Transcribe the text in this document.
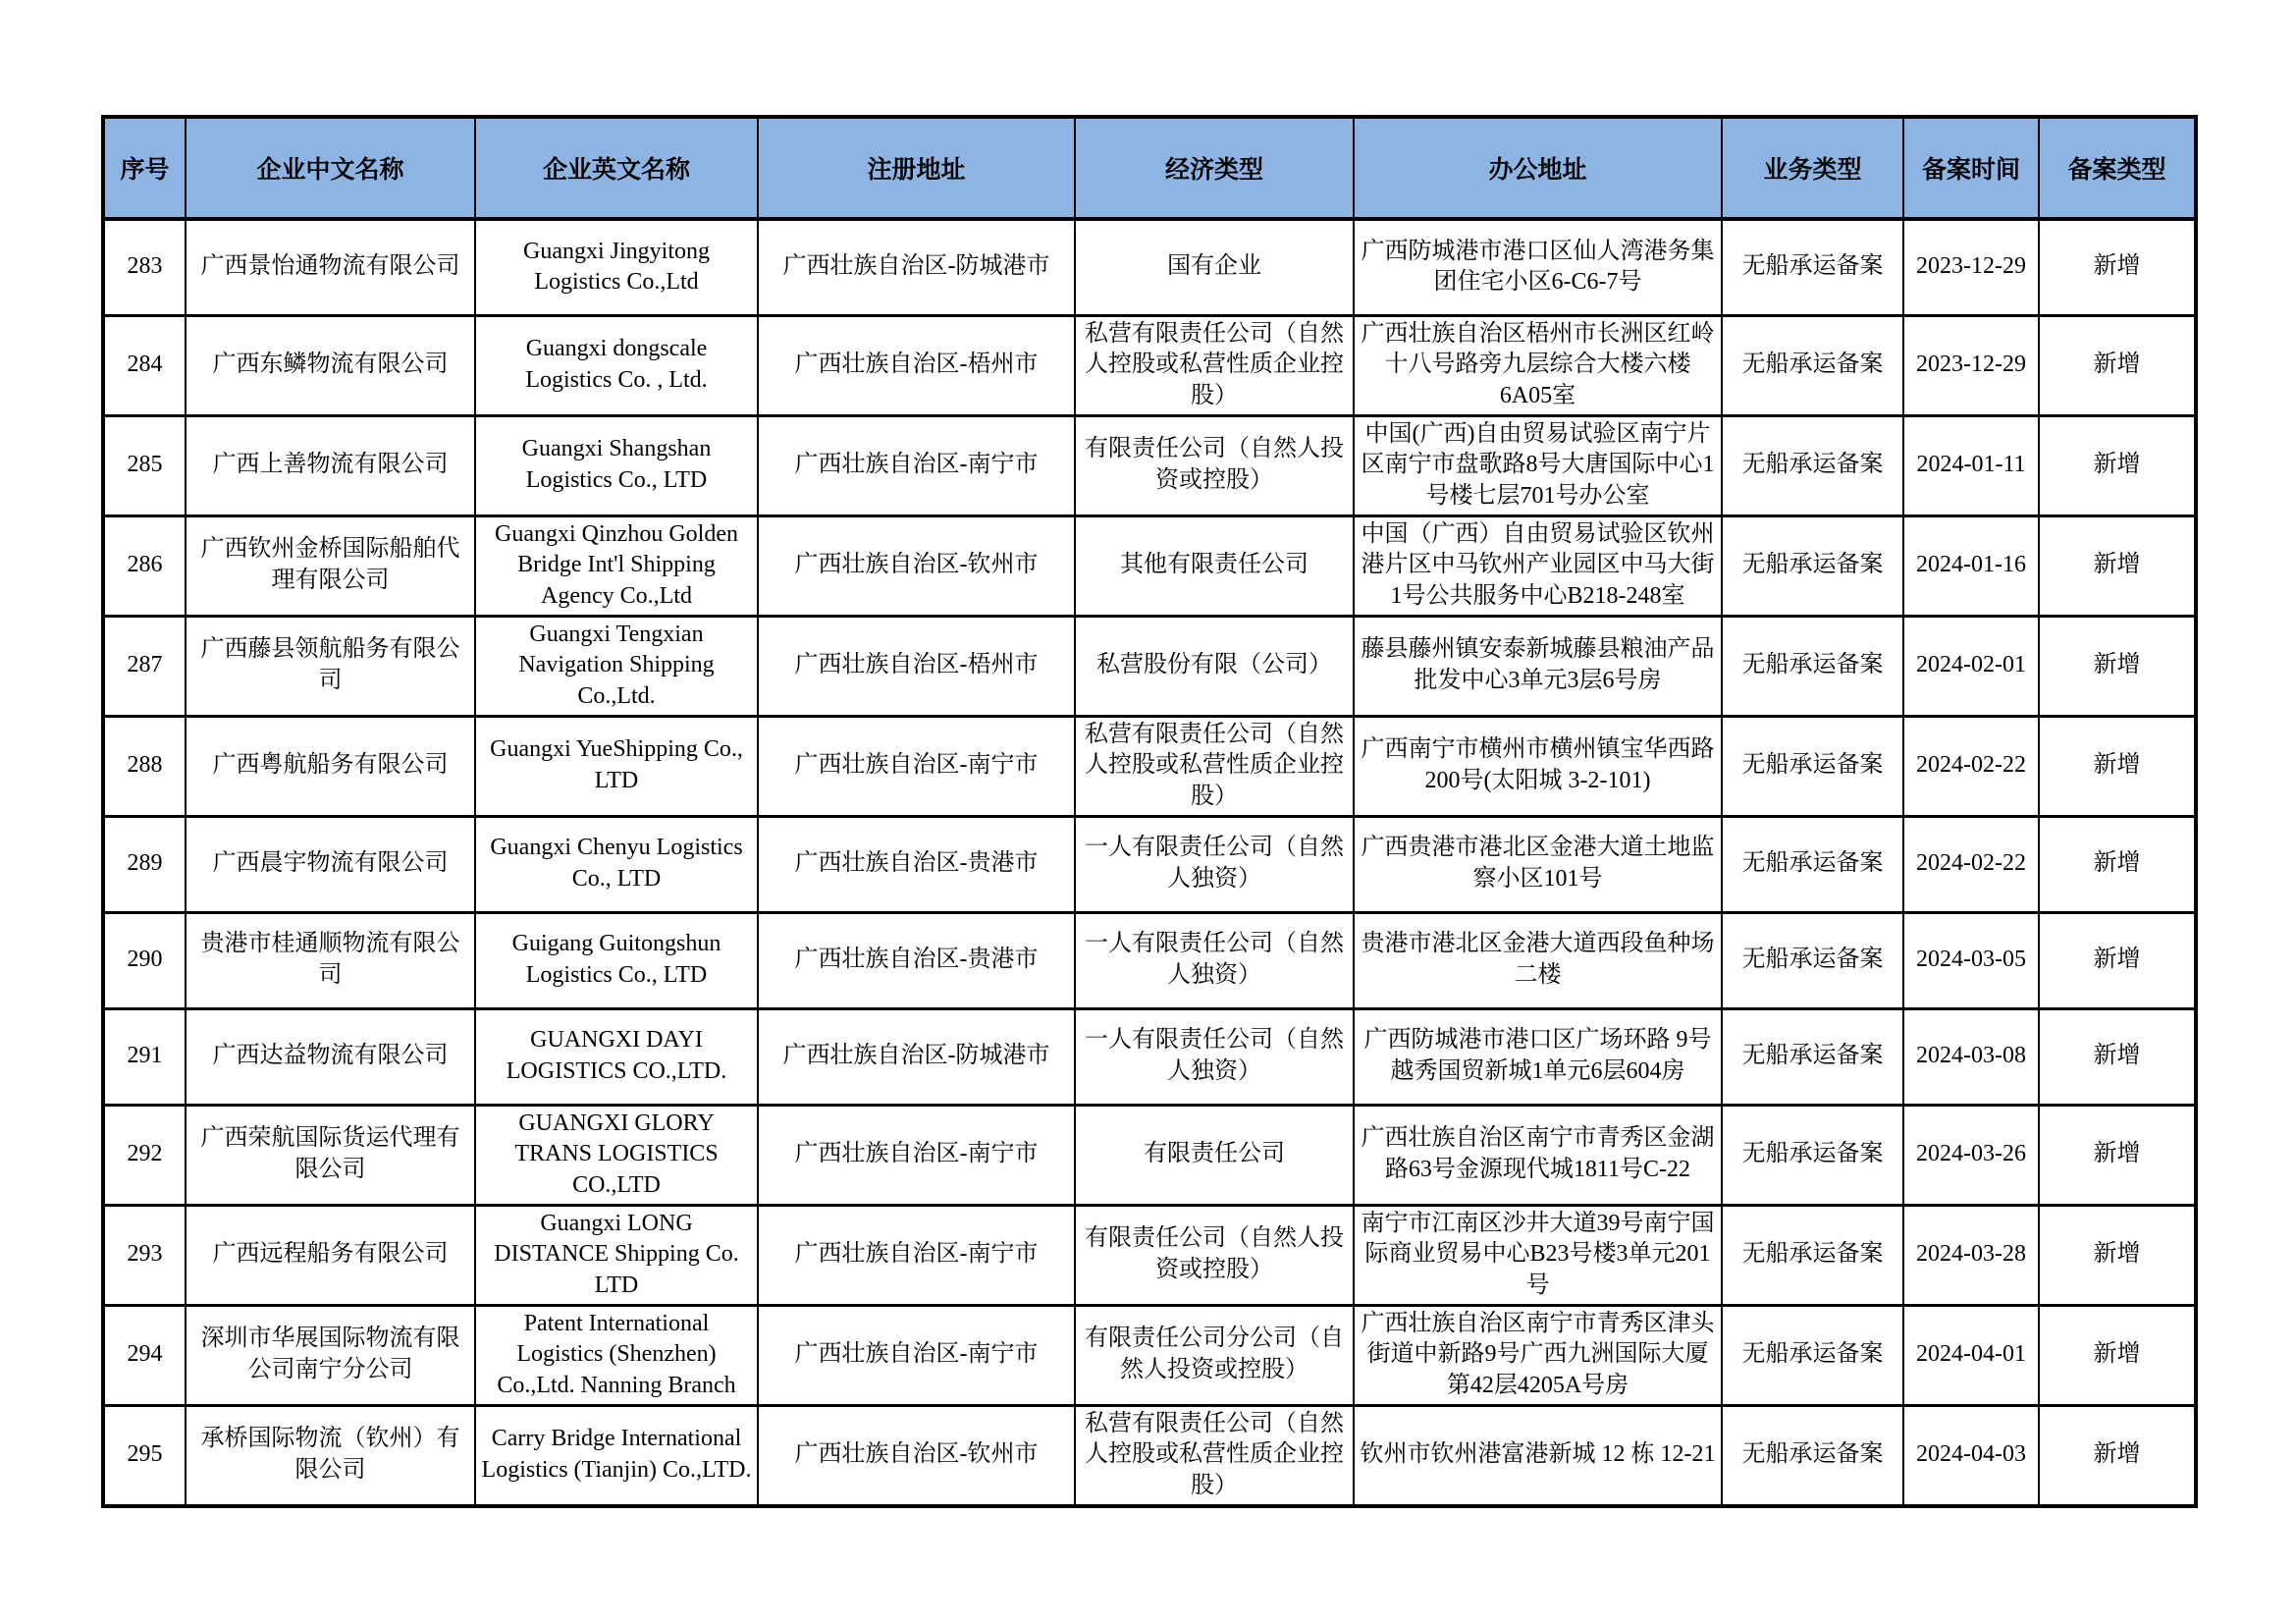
序号	企业中文名称	企业英文名称	注册地址	经济类型	办公地址	业务类型	备案时间	备案类型
283	广西景怡通物流有限公司	Guangxi Jingyitong Logistics Co.,Ltd	广西壮族自治区-防城港市	国有企业	广西防城港市港口区仙人湾港务集团住宅小区6-C6-7号	无船承运备案	2023-12-29	新增
284	广西东鳞物流有限公司	Guangxi dongscale Logistics Co. , Ltd.	广西壮族自治区-梧州市	私营有限责任公司（自然人控股或私营性质企业控股）	广西壮族自治区梧州市长洲区红岭十八号路旁九层综合大楼六楼6A05室	无船承运备案	2023-12-29	新增
285	广西上善物流有限公司	Guangxi Shangshan Logistics Co., LTD	广西壮族自治区-南宁市	有限责任公司（自然人投资或控股）	中国(广西)自由贸易试验区南宁片区南宁市盘歌路8号大唐国际中心1号楼七层701号办公室	无船承运备案	2024-01-11	新增
286	广西钦州金桥国际船舶代理有限公司	Guangxi Qinzhou Golden Bridge Int'l Shipping Agency Co.,Ltd	广西壮族自治区-钦州市	其他有限责任公司	中国（广西）自由贸易试验区钦州港片区中马钦州产业园区中马大街1号公共服务中心B218-248室	无船承运备案	2024-01-16	新增
287	广西藤县领航船务有限公司	Guangxi Tengxian Navigation Shipping Co.,Ltd.	广西壮族自治区-梧州市	私营股份有限（公司）	藤县藤州镇安泰新城藤县粮油产品批发中心3单元3层6号房	无船承运备案	2024-02-01	新增
288	广西粤航船务有限公司	Guangxi YueShipping Co., LTD	广西壮族自治区-南宁市	私营有限责任公司（自然人控股或私营性质企业控股）	广西南宁市横州市横州镇宝华西路200号(太阳城 3-2-101)	无船承运备案	2024-02-22	新增
289	广西晨宇物流有限公司	Guangxi Chenyu Logistics Co., LTD	广西壮族自治区-贵港市	一人有限责任公司（自然人独资）	广西贵港市港北区金港大道土地监察小区101号	无船承运备案	2024-02-22	新增
290	贵港市桂通顺物流有限公司	Guigang Guitongshun Logistics Co., LTD	广西壮族自治区-贵港市	一人有限责任公司（自然人独资）	贵港市港北区金港大道西段鱼种场二楼	无船承运备案	2024-03-05	新增
291	广西达益物流有限公司	GUANGXI DAYI LOGISTICS CO.,LTD.	广西壮族自治区-防城港市	一人有限责任公司（自然人独资）	广西防城港市港口区广场环路 9号越秀国贸新城1单元6层604房	无船承运备案	2024-03-08	新增
292	广西荣航国际货运代理有限公司	GUANGXI GLORY TRANS LOGISTICS CO.,LTD	广西壮族自治区-南宁市	有限责任公司	广西壮族自治区南宁市青秀区金湖路63号金源现代城1811号C-22	无船承运备案	2024-03-26	新增
293	广西远程船务有限公司	Guangxi LONG DISTANCE Shipping Co. LTD	广西壮族自治区-南宁市	有限责任公司（自然人投资或控股）	南宁市江南区沙井大道39号南宁国际商业贸易中心B23号楼3单元201号	无船承运备案	2024-03-28	新增
294	深圳市华展国际物流有限公司南宁分公司	Patent International Logistics (Shenzhen) Co.,Ltd. Nanning Branch	广西壮族自治区-南宁市	有限责任公司分公司（自然人投资或控股）	广西壮族自治区南宁市青秀区津头街道中新路9号广西九洲国际大厦第42层4205A号房	无船承运备案	2024-04-01	新增
295	承桥国际物流（钦州）有限公司	Carry Bridge International Logistics (Tianjin) Co.,LTD.	广西壮族自治区-钦州市	私营有限责任公司（自然人控股或私营性质企业控股）	钦州市钦州港富港新城 12 栋 12-21	无船承运备案	2024-04-03	新增
